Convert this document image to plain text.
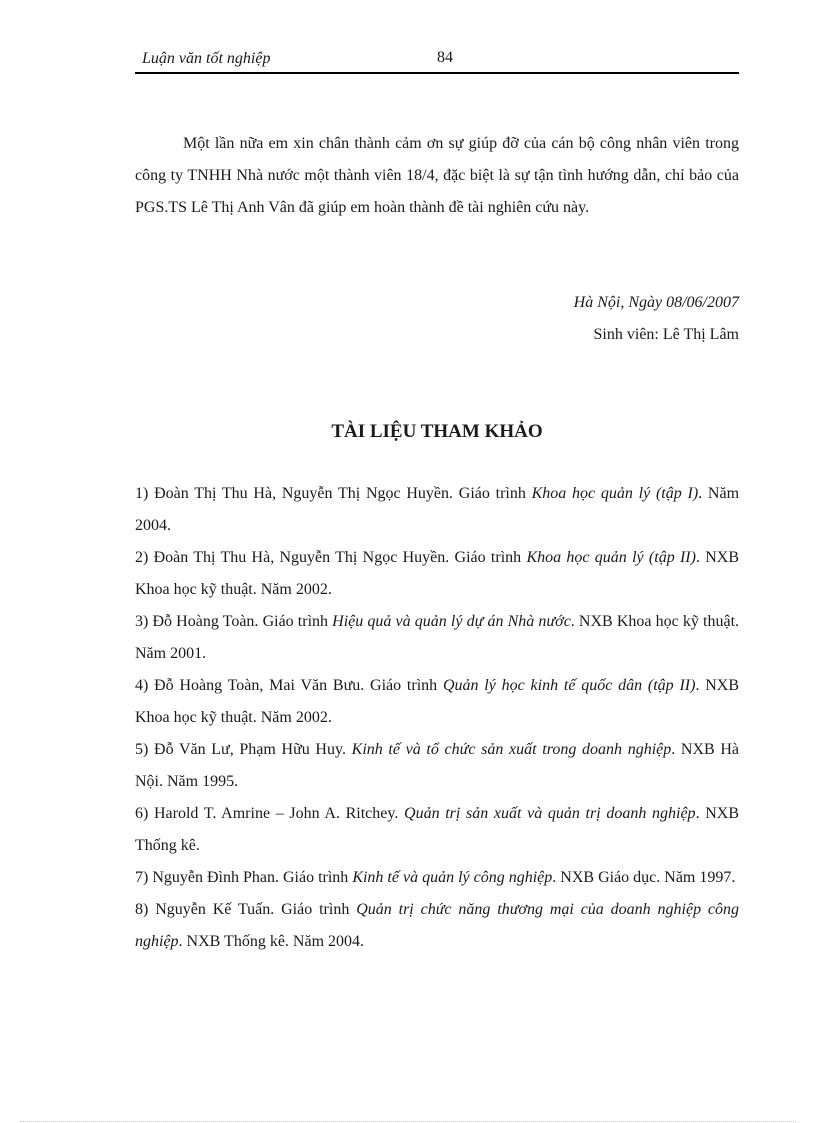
Luận văn tốt nghiệp	84

Một lần nữa em xin chân thành cảm ơn sự giúp đỡ của cán bộ công nhân viên trong công ty TNHH Nhà nước một thành viên 18/4, đặc biệt là sự tận tình hướng dẫn, chỉ bảo của PGS.TS Lê Thị Anh Vân đã giúp em hoàn thành đề tài nghiên cứu này.

Hà Nội, Ngày 08/06/2007
Sinh viên: Lê Thị Lâm
TÀI LIỆU THAM KHẢO
1) Đoàn Thị Thu Hà, Nguyễn Thị Ngọc Huyền. Giáo trình Khoa học quản lý (tập I). Năm 2004.
2) Đoàn Thị Thu Hà, Nguyễn Thị Ngọc Huyền. Giáo trình Khoa học quản lý (tập II). NXB Khoa học kỹ thuật. Năm 2002.
3) Đỗ Hoàng Toàn. Giáo trình Hiệu quả và quản lý dự án Nhà nước. NXB Khoa học kỹ thuật. Năm 2001.
4) Đỗ Hoàng Toàn, Mai Văn Bưu. Giáo trình Quản lý học kinh tế quốc dân (tập II). NXB Khoa học kỹ thuật. Năm 2002.
5) Đỗ Văn Lư, Phạm Hữu Huy. Kinh tế và tổ chức sản xuất trong doanh nghiệp. NXB Hà Nội. Năm 1995.
6) Harold T. Amrine – John A. Ritchey. Quản trị sản xuất và quản trị doanh nghiệp. NXB Thống kê.
7) Nguyễn Đình Phan. Giáo trình Kinh tế và quản lý công nghiệp. NXB Giáo dục. Năm 1997.
8) Nguyễn Kế Tuấn. Giáo trình Quản trị chức năng thương mại của doanh nghiệp công nghiệp. NXB Thống kê. Năm 2004.
